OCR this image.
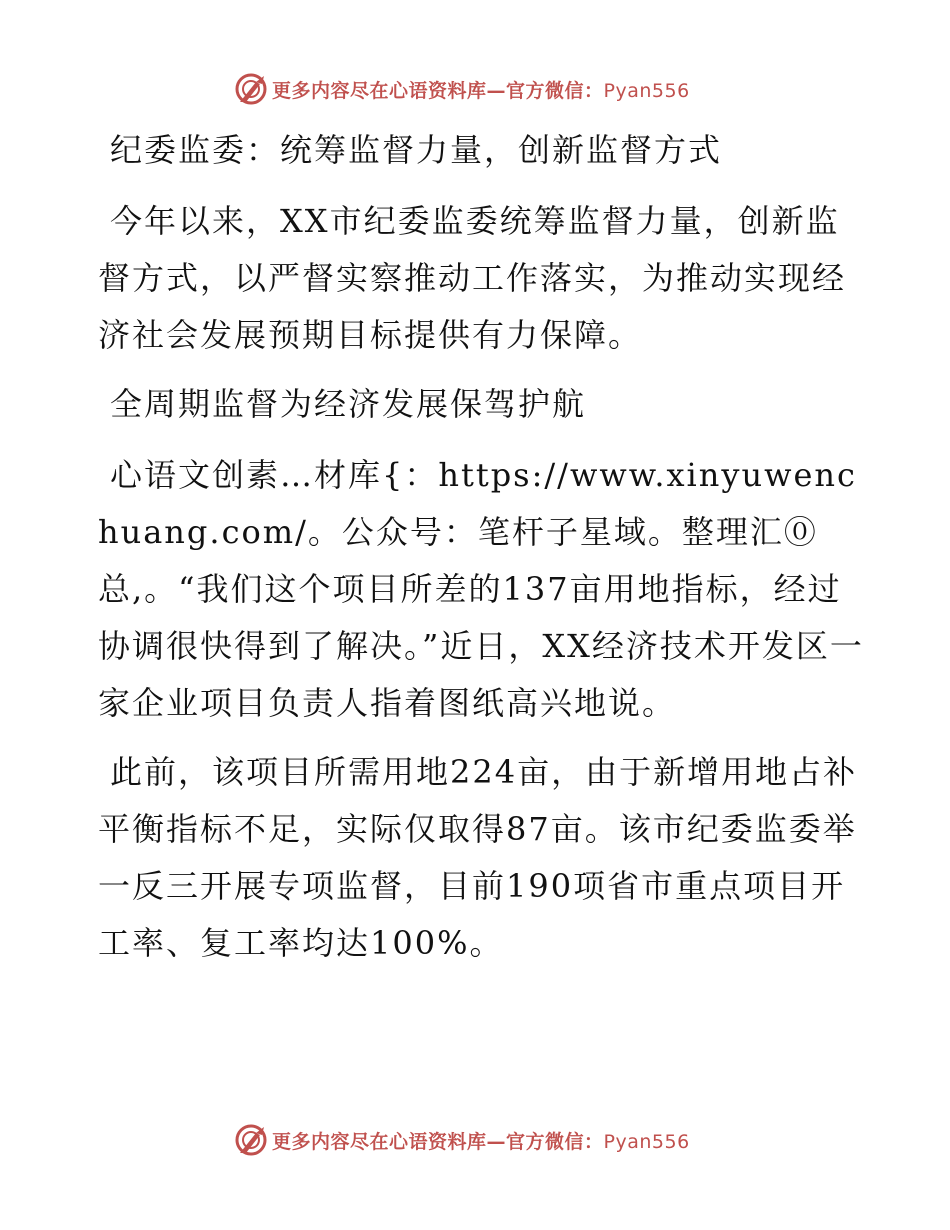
更多内容尽在心语资料库—官方微信：Pyan556

纪委监委：统筹监督力量，创新监督方式

今年以来，XX市纪委监委统筹监督力量，创新监督方式，以严督实察推动工作落实，为推动实现经济社会发展预期目标提供有力保障。

全周期监督为经济发展保驾护航

心语文创素…材库{：https://www.xinyuwenchuang.com/。公众号：笔杆子星域。整理汇⓪总,。“我们这个项目所差的137亩用地指标，经过协调很快得到了解决。”近日，XX经济技术开发区一家企业项目负责人指着图纸高兴地说。

此前，该项目所需用地224亩，由于新增用地占补平衡指标不足，实际仅取得87亩。该市纪委监委举一反三开展专项监督，目前190项省市重点项目开工率、复工率均达100%。

更多内容尽在心语资料库—官方微信：Pyan556
